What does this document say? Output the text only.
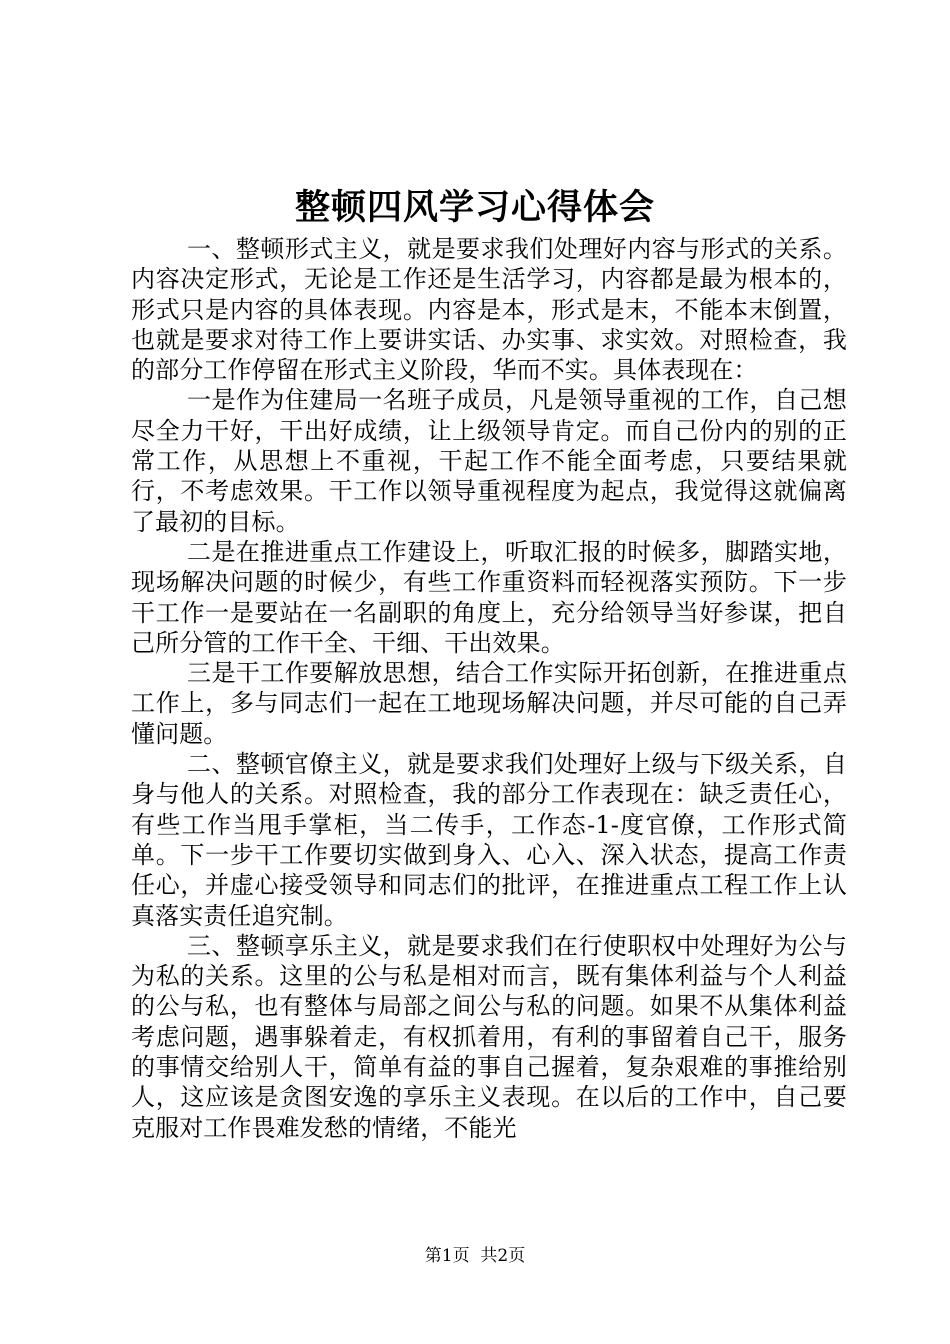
整顿四风学习心得体会

一、整顿形式主义，就是要求我们处理好内容与形式的关系。内容决定形式，无论是工作还是生活学习，内容都是最为根本的，形式只是内容的具体表现。内容是本，形式是末，不能本末倒置，也就是要求对待工作上要讲实话、办实事、求实效。对照检查，我的部分工作停留在形式主义阶段，华而不实。具体表现在：

一是作为住建局一名班子成员，凡是领导重视的工作，自己想尽全力干好，干出好成绩，让上级领导肯定。而自己份内的别的正常工作，从思想上不重视，干起工作不能全面考虑，只要结果就行，不考虑效果。干工作以领导重视程度为起点，我觉得这就偏离了最初的目标。

二是在推进重点工作建设上，听取汇报的时候多，脚踏实地，现场解决问题的时候少，有些工作重资料而轻视落实预防。下一步干工作一是要站在一名副职的角度上，充分给领导当好参谋，把自己所分管的工作干全、干细、干出效果。

三是干工作要解放思想，结合工作实际开拓创新，在推进重点工作上，多与同志们一起在工地现场解决问题，并尽可能的自己弄懂问题。

二、整顿官僚主义，就是要求我们处理好上级与下级关系，自身与他人的关系。对照检查，我的部分工作表现在：缺乏责任心，有些工作当甩手掌柜，当二传手，工作态-1-度官僚，工作形式简单。下一步干工作要切实做到身入、心入、深入状态，提高工作责任心，并虚心接受领导和同志们的批评，在推进重点工程工作上认真落实责任追究制。

三、整顿享乐主义，就是要求我们在行使职权中处理好为公与为私的关系。这里的公与私是相对而言，既有集体利益与个人利益的公与私，也有整体与局部之间公与私的问题。如果不从集体利益考虑问题，遇事躲着走，有权抓着用，有利的事留着自己干，服务的事情交给别人干，简单有益的事自己握着，复杂艰难的事推给别人，这应该是贪图安逸的享乐主义表现。在以后的工作中，自己要克服对工作畏难发愁的情绪，不能光

第1页  共2页
